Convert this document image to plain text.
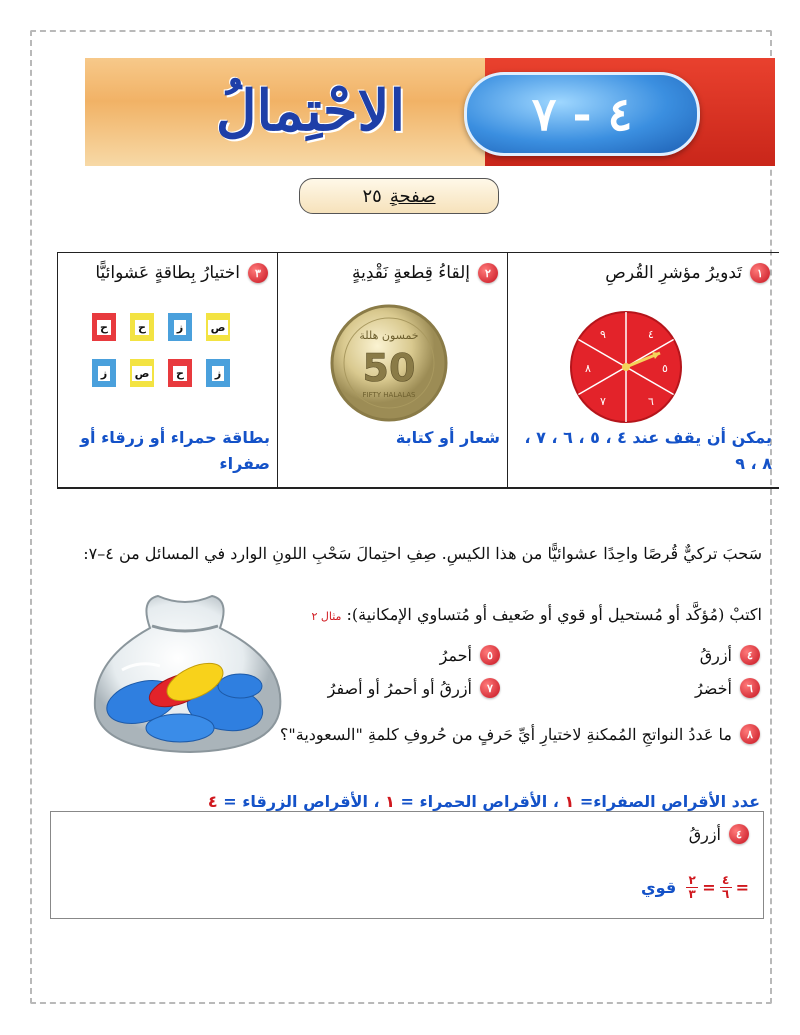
٤ - ٧
الاحْتِمالُ
صفحةِ
٢٥
١
تَدويرُ مؤشرِ القُرصِ
٤
٥
٦
٧
٨
٩
يمكن أن يقف عند ٤ ، ٥ ، ٦ ، ٧ ، ٨ ، ٩
٢
إلقاءُ قِطعةٍ نَقْدِيةٍ
خمسون هللة
50
FIFTY HALALAS
شعار أو كتابة
٣
اختيارُ بِطاقةٍ عَشوائيًّا
ح	ح	ز ص
ز ص ح	ز
بطاقة حمراء أو زرقاء أو صفراء
سَحبَ تركيٌّ قُرصًا واحِدًا عشوائيًّا من هذا الكيسِ. صِفِ احتِمالَ سَحْبِ اللونِ الوارد في المسائل من ٤–٧:
اكتبْ (مُؤكَّد أو مُستحيل أو قوي أو ضَعيف أو مُتساوي الإمكانية): مثال ٢
٤
أزرقُ
٥
أحمرُ
٦
أخضرُ
٧
أزرقُ أو أحمرُ أو أصفرُ
٨
ما عَددُ النواتجِ المُمكنةِ لاختيارِ أيِّ حَرفٍ من حُروفِ كلمةِ "السعودية"؟
عدد الأقراص الصفراء= ١ ، الأقراص الحمراء = ١ ، الأقراص الزرقاء = ٤
٤
أزرقُ
=
٤
٦
=
٢
٣
قوي
